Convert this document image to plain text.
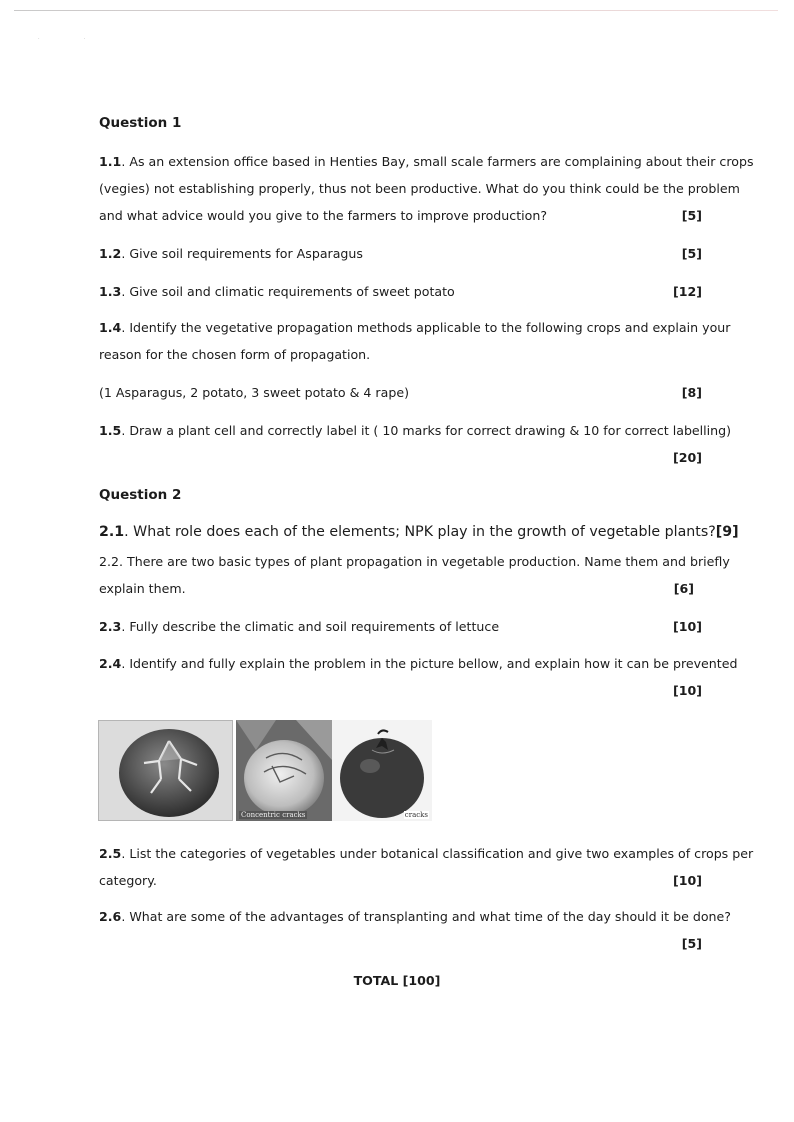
·	·
Question 1
1.1. As an extension office based in Henties Bay, small scale farmers are complaining about their crops
(vegies) not establishing properly, thus not been productive. What do you think could be the problem
and what advice would you give to the farmers to improve production?	[5]
1.2. Give soil requirements for Asparagus	[5]
1.3. Give soil and climatic requirements of sweet potato	[12]
1.4. Identify the vegetative propagation methods applicable to the following crops and explain your
reason for the chosen form of propagation.
(1 Asparagus, 2 potato, 3 sweet potato & 4 rape)	[8]
1.5. Draw a plant cell and correctly label it ( 10 marks for correct drawing & 10 for correct labelling)
[20]
Question 2
2.1. What role does each of the elements; NPK play in the growth of vegetable plants? [9]
2.2. There are two basic types of plant propagation in vegetable production. Name them and briefly
explain them.	[6]
2.3. Fully describe the climatic and soil requirements of lettuce	[10]
2.4. Identify and fully explain the problem in the picture bellow, and explain how it can be prevented
[10]
2.5. List the categories of vegetables under botanical classification and give two examples of crops per
category.	[10]
2.6. What are some of the advantages of transplanting and what time of the day should it be done?
[5]
Concentric cracks	cracks
TOTAL [100]
